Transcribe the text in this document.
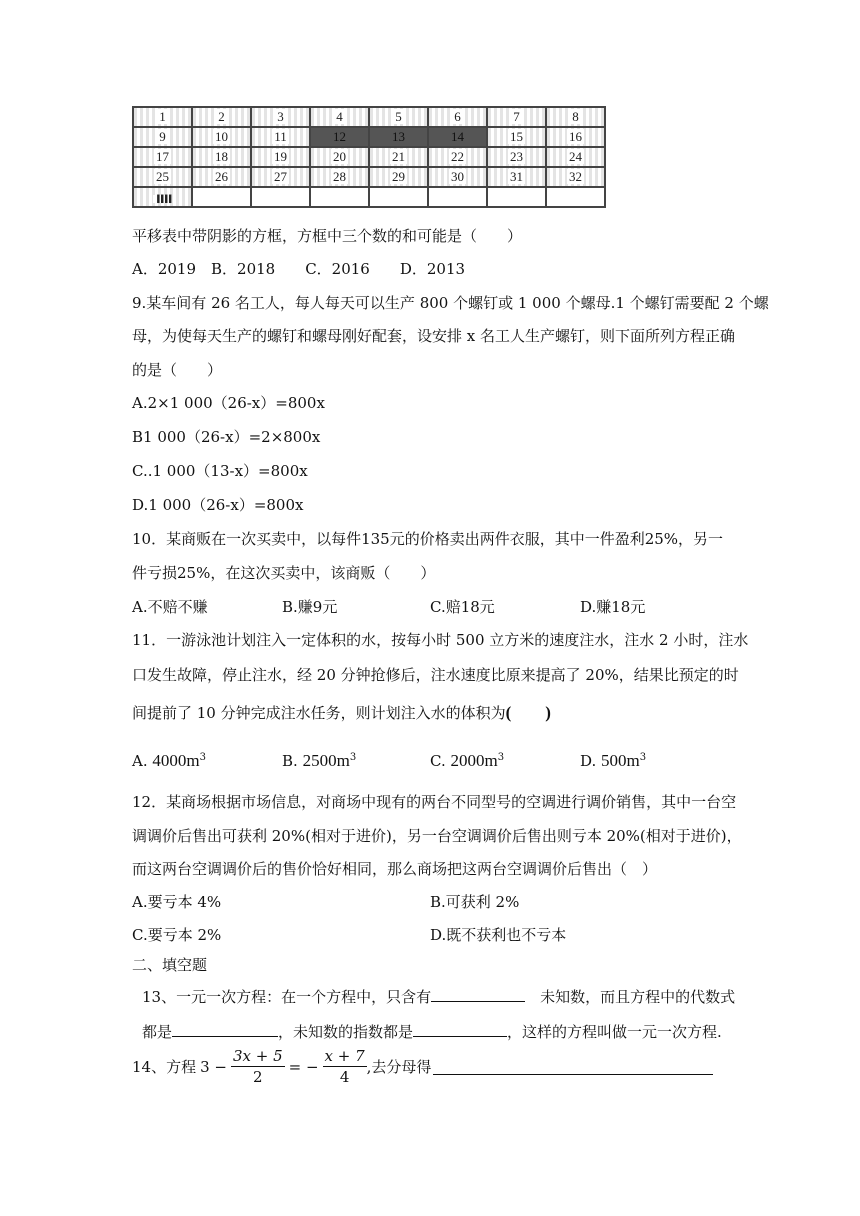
1	2	3	4	5	6	7	8
9	10	11	12	13	14	15	16
17	18	19	20	21	22	23	24
25	26	27	28	29	30	31	32
▐▐▐▐							
平移表中带阴影的方框，方框中三个数的和可能是（　　）
A．2019　B．2018　　C．2016　　D．2013
9.某车间有 26 名工人，每人每天可以生产 800 个螺钉或 1 000 个螺母.1 个螺钉需要配 2 个螺
母，为使每天生产的螺钉和螺母刚好配套，设安排 x 名工人生产螺钉，则下面所列方程正确
的是（　　）
A.2×1 000（26-x）=800x
B1 000（26-x）=2×800x
C..1 000（13-x）=800x
D.1 000（26-x）=800x
10．某商贩在一次买卖中，以每件135元的价格卖出两件衣服，其中一件盈利25%，另一
件亏损25%，在这次买卖中，该商贩（　　）
A.不赔不赚	B.赚9元	C.赔18元	D.赚18元
11．一游泳池计划注入一定体积的水，按每小时 500 立方米的速度注水，注水 2 小时，注水
口发生故障，停止注水，经 20 分钟抢修后，注水速度比原来提高了 20%，结果比预定的时
间提前了 10 分钟完成注水任务，则计划注入水的体积为(　　)
A. $4000m^3$	B. $2500m^3$	C. $2000m^3$	D. $500m^3$
12．某商场根据市场信息，对商场中现有的两台不同型号的空调进行调价销售，其中一台空
调调价后售出可获利 20%(相对于进价)，另一台空调调价后售出则亏本 20%(相对于进价)，
而这两台空调调价后的售价恰好相同，那么商场把这两台空调调价后售出（　）
A.要亏本 4%	B.可获利 2%
C.要亏本 2%	D.既不获利也不亏本
二、填空题
13、一元一次方程：在一个方程中，只含有	　未知数，而且方程中的代数式
都是	，未知数的指数都是	，这样的方程叫做一元一次方程.
14、方程 $3 - \frac{3x + 5}{2}$ = − $\frac{x + 7}{4}$ ,去分母得
